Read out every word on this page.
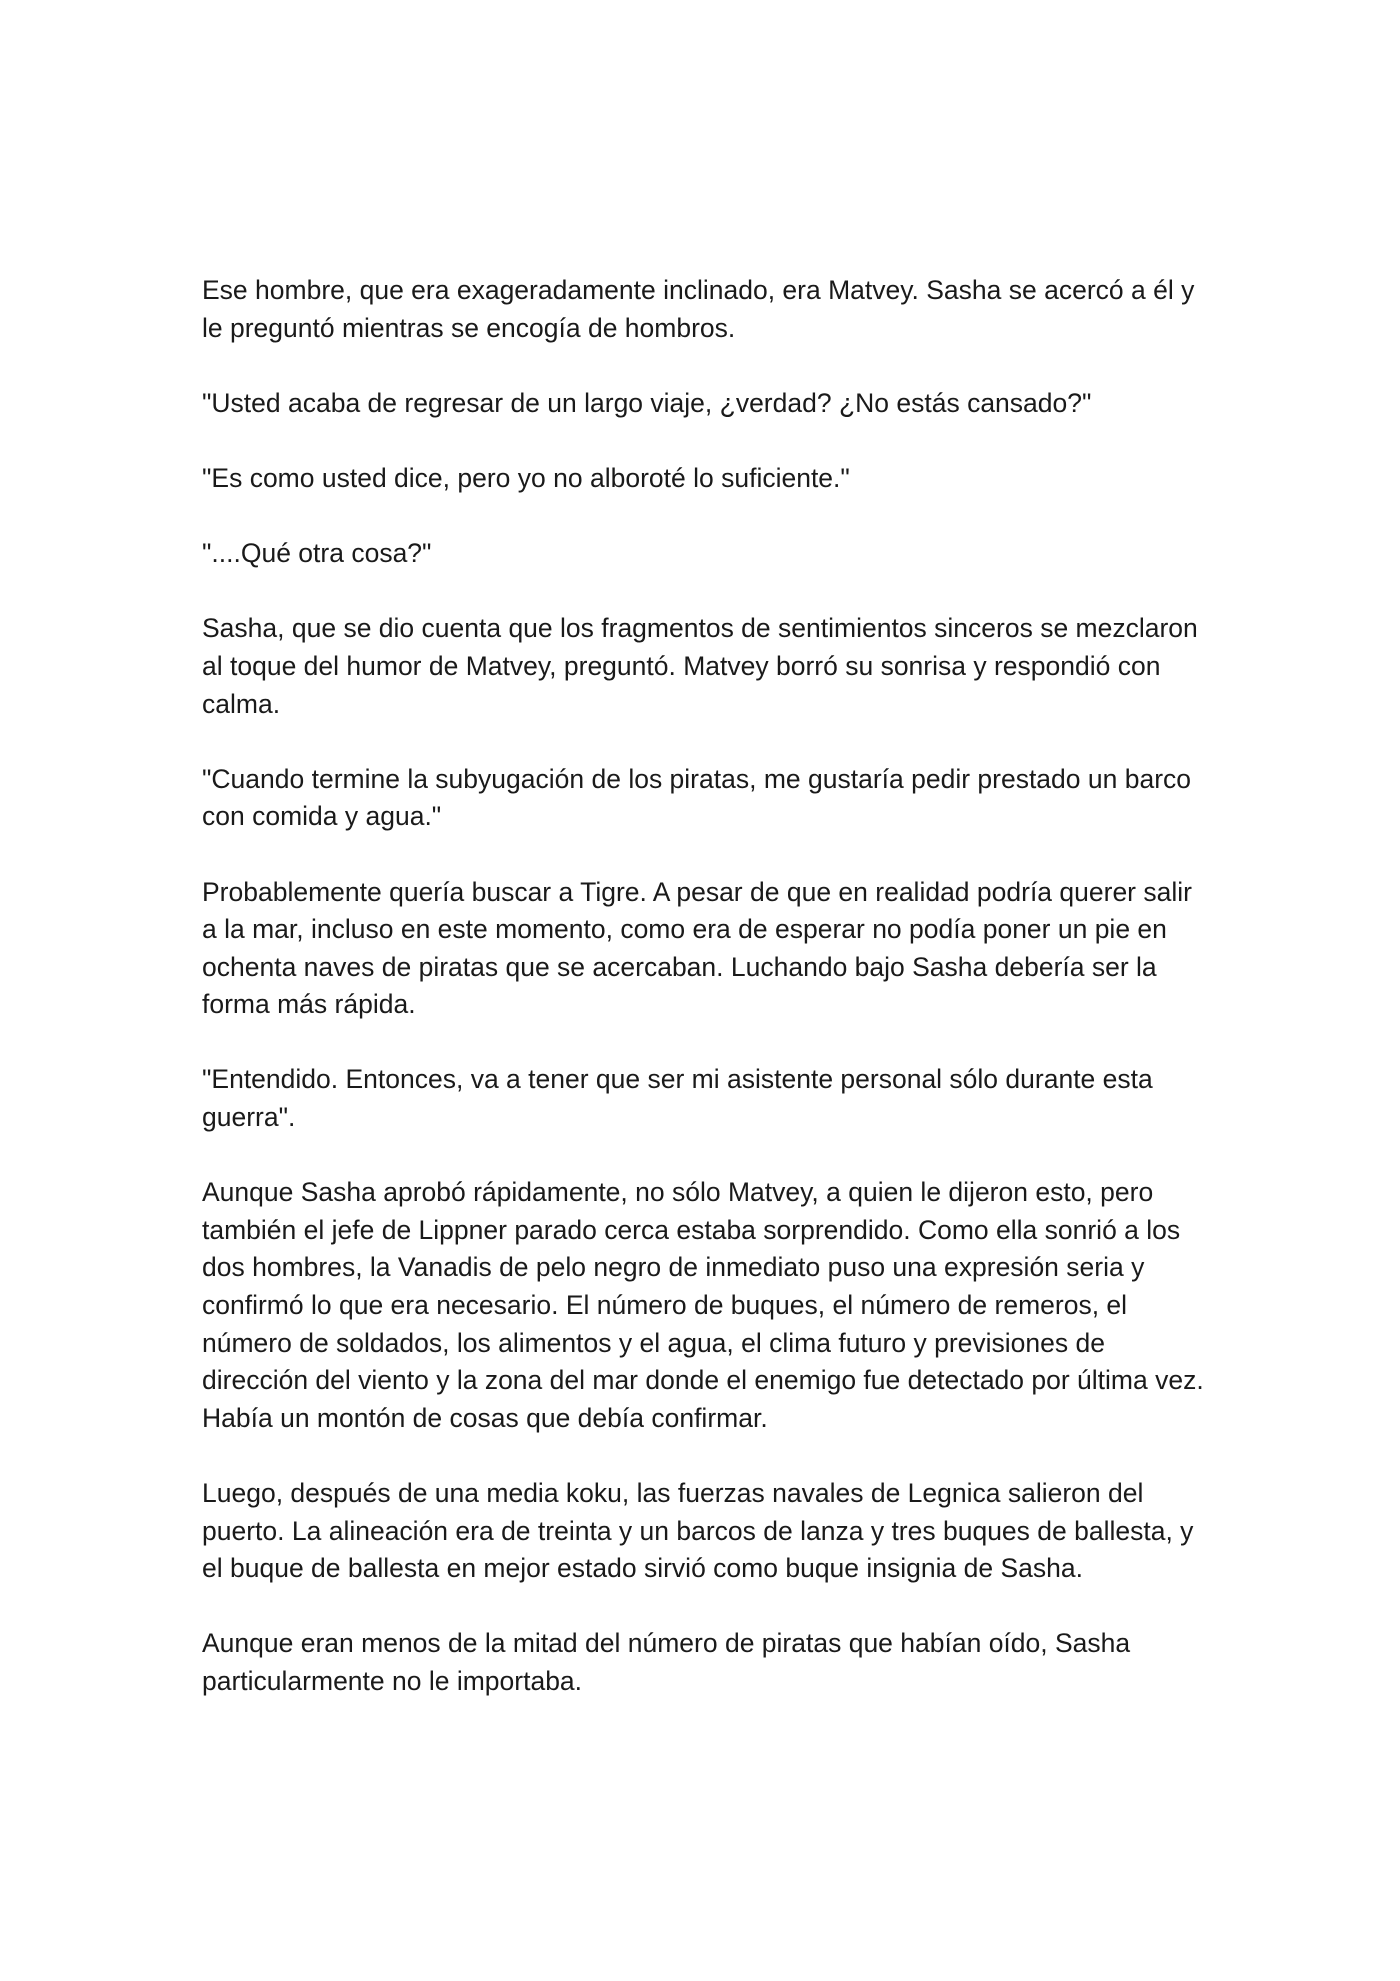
Ese hombre, que era exageradamente inclinado, era Matvey. Sasha se acercó a él y le preguntó mientras se encogía de hombros.

"Usted acaba de regresar de un largo viaje, ¿verdad? ¿No estás cansado?"

"Es como usted dice, pero yo no alboroté lo suficiente."

"....Qué otra cosa?"

Sasha, que se dio cuenta que los fragmentos de sentimientos sinceros se mezclaron al toque del humor de Matvey, preguntó. Matvey borró su sonrisa y respondió con calma.

"Cuando termine la subyugación de los piratas, me gustaría pedir prestado un barco con comida y agua."

Probablemente quería buscar a Tigre. A pesar de que en realidad podría querer salir a la mar, incluso en este momento, como era de esperar no podía poner un pie en ochenta naves de piratas que se acercaban. Luchando bajo Sasha debería ser la forma más rápida.

"Entendido. Entonces, va a tener que ser mi asistente personal sólo durante esta guerra".

Aunque Sasha aprobó rápidamente, no sólo Matvey, a quien le dijeron esto, pero también el jefe de Lippner parado cerca estaba sorprendido. Como ella sonrió a los dos hombres, la Vanadis de pelo negro de inmediato puso una expresión seria y confirmó lo que era necesario. El número de buques, el número de remeros, el número de soldados, los alimentos y el agua, el clima futuro y previsiones de dirección del viento y la zona del mar donde el enemigo fue detectado por última vez. Había un montón de cosas que debía confirmar.

Luego, después de una media koku, las fuerzas navales de Legnica salieron del puerto. La alineación era de treinta y un barcos de lanza y tres buques de ballesta, y el buque de ballesta en mejor estado sirvió como buque insignia de Sasha.

Aunque eran menos de la mitad del número de piratas que habían oído, Sasha particularmente no le importaba.
